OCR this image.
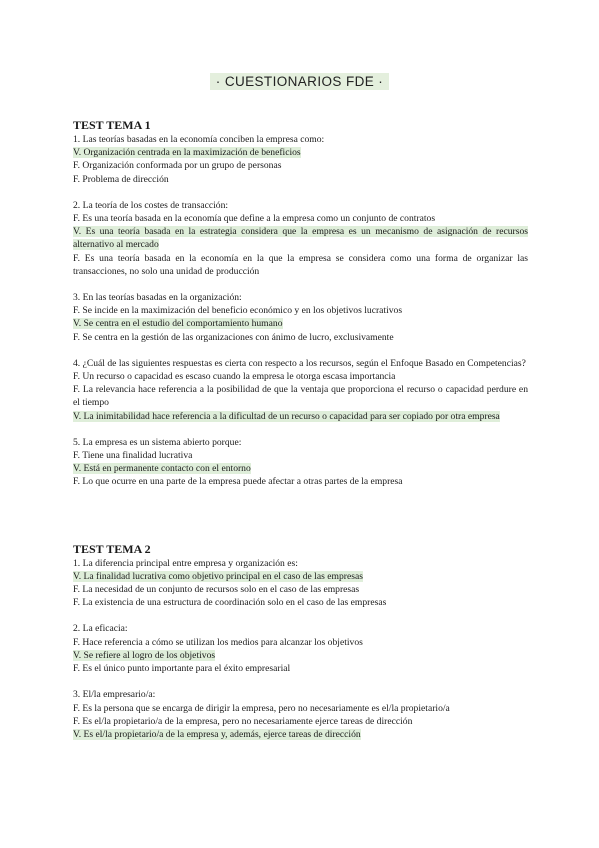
· CUESTIONARIOS FDE ·

TEST TEMA 1

1. Las teorías basadas en la economía conciben la empresa como:

V. Organización centrada en la maximización de beneficios

F. Organización conformada por un grupo de personas

F. Problema de dirección

2. La teoría de los costes de transacción:

F. Es una teoría basada en la economía que define a la empresa como un conjunto de contratos

V. Es una teoría basada en la estrategia considera que la empresa es un mecanismo de asignación de recursos alternativo al mercado

F. Es una teoría basada en la economía en la que la empresa se considera como una forma de organizar las transacciones, no solo una unidad de producción

3. En las teorías basadas en la organización:

F. Se incide en la maximización del beneficio económico y en los objetivos lucrativos

V. Se centra en el estudio del comportamiento humano

F. Se centra en la gestión de las organizaciones con ánimo de lucro, exclusivamente

4. ¿Cuál de las siguientes respuestas es cierta con respecto a los recursos, según el Enfoque Basado en Competencias?

F. Un recurso o capacidad es escaso cuando la empresa le otorga escasa importancia

F. La relevancia hace referencia a la posibilidad de que la ventaja que proporciona el recurso o capacidad perdure en el tiempo

V. La inimitabilidad hace referencia a la dificultad de un recurso o capacidad para ser copiado por otra empresa

5. La empresa es un sistema abierto porque:

F. Tiene una finalidad lucrativa

V. Está en permanente contacto con el entorno

F. Lo que ocurre en una parte de la empresa puede afectar a otras partes de la empresa

TEST TEMA 2

1. La diferencia principal entre empresa y organización es:

V. La finalidad lucrativa como objetivo principal en el caso de las empresas

F. La necesidad de un conjunto de recursos solo en el caso de las empresas

F. La existencia de una estructura de coordinación solo en el caso de las empresas

2. La eficacia:

F. Hace referencia a cómo se utilizan los medios para alcanzar los objetivos

V. Se refiere al logro de los objetivos

F. Es el único punto importante para el éxito empresarial

3. El/la empresario/a:

F. Es la persona que se encarga de dirigir la empresa, pero no necesariamente es el/la propietario/a

F. Es el/la propietario/a de la empresa, pero no necesariamente ejerce tareas de dirección

V. Es el/la propietario/a de la empresa y, además, ejerce tareas de dirección
